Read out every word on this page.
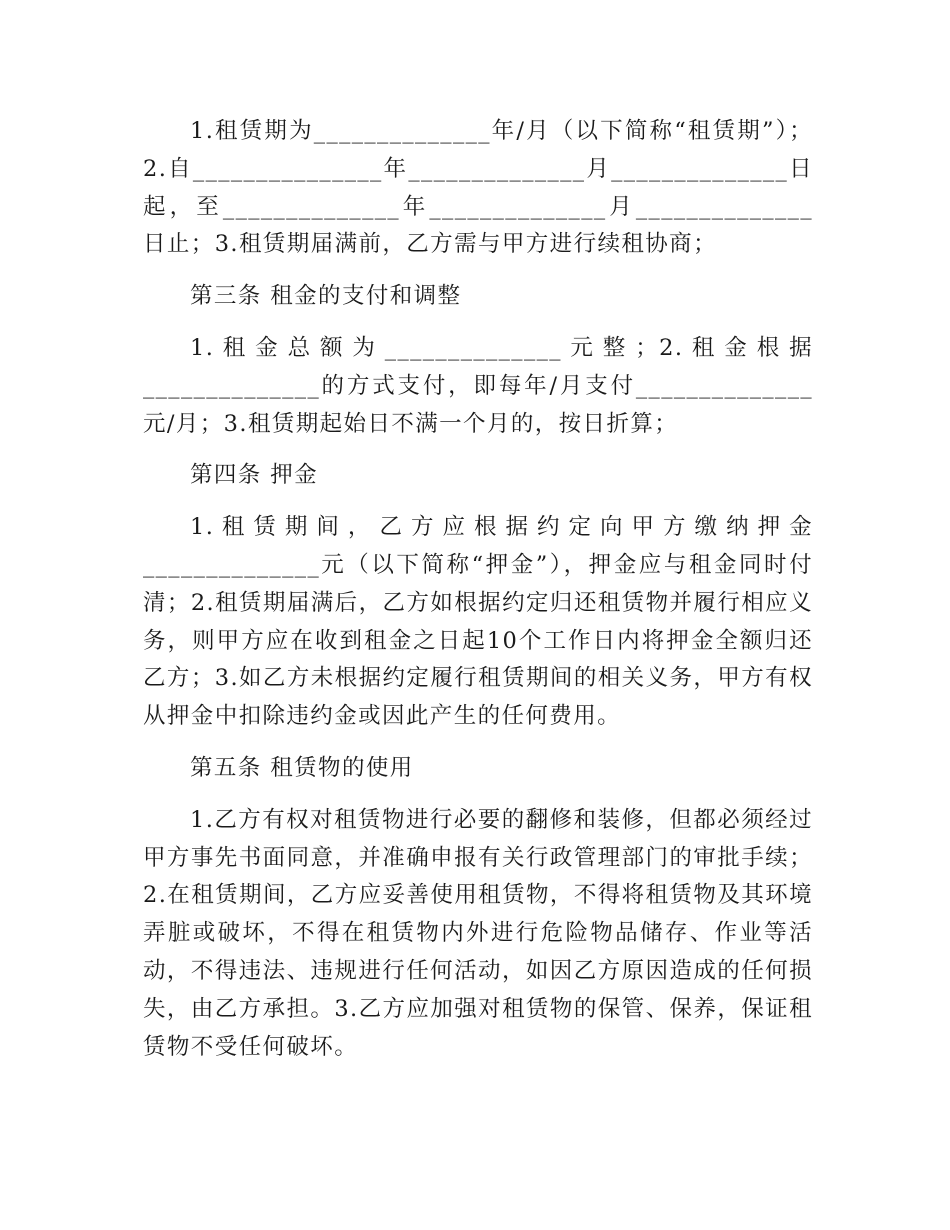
1.租赁期为______________年/月（以下简称“租赁期”）；2.自_______________年______________月______________日起，至______________年______________月______________日止；3.租赁期届满前，乙方需与甲方进行续租协商；

第三条 租金的支付和调整

1.租金总额为______________元整；2.租金根据______________的方式支付，即每年/月支付______________元/月；3.租赁期起始日不满一个月的，按日折算；

第四条 押金

1.租赁期间，乙方应根据约定向甲方缴纳押金______________元（以下简称“押金”），押金应与租金同时付清；2.租赁期届满后，乙方如根据约定归还租赁物并履行相应义务，则甲方应在收到租金之日起10个工作日内将押金全额归还乙方；3.如乙方未根据约定履行租赁期间的相关义务，甲方有权从押金中扣除违约金或因此产生的任何费用。

第五条 租赁物的使用

1.乙方有权对租赁物进行必要的翻修和装修，但都必须经过甲方事先书面同意，并准确申报有关行政管理部门的审批手续；2.在租赁期间，乙方应妥善使用租赁物，不得将租赁物及其环境弄脏或破坏，不得在租赁物内外进行危险物品储存、作业等活动，不得违法、违规进行任何活动，如因乙方原因造成的任何损失，由乙方承担。3.乙方应加强对租赁物的保管、保养，保证租赁物不受任何破坏。
